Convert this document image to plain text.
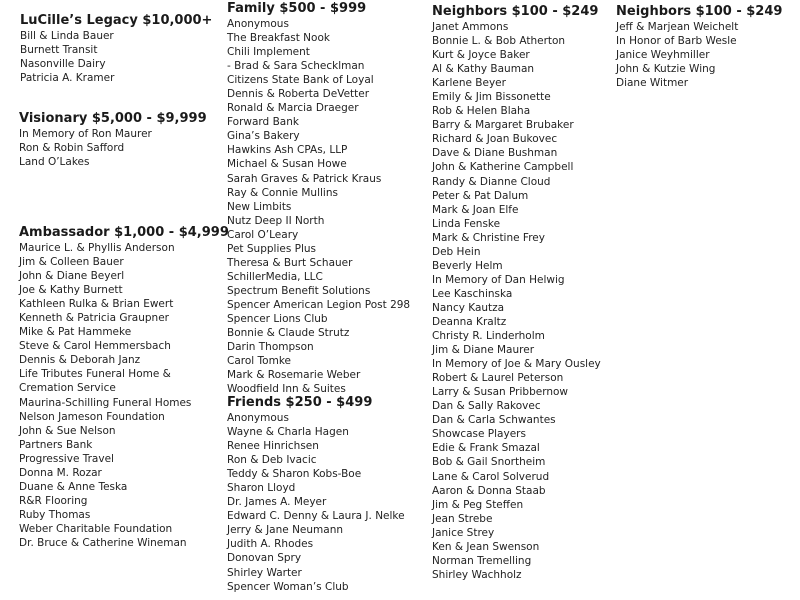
LuCille’s Legacy $10,000+
Bill & Linda Bauer
Burnett Transit
Nasonville Dairy
Patricia A. Kramer
Visionary $5,000 - $9,999
In Memory of Ron Maurer
Ron & Robin Safford
Land O’Lakes
Ambassador $1,000 - $4,999
Maurice L. & Phyllis Anderson
Jim & Colleen Bauer
John & Diane Beyerl
Joe & Kathy Burnett
Kathleen Rulka & Brian Ewert
Kenneth & Patricia Graupner
Mike & Pat Hammeke
Steve & Carol Hemmersbach
Dennis & Deborah Janz
Life Tributes Funeral Home &
Cremation Service
Maurina-Schilling Funeral Homes
Nelson Jameson Foundation
John & Sue Nelson
Partners Bank
Progressive Travel
Donna M. Rozar
Duane & Anne Teska
R&R Flooring
Ruby Thomas
Weber Charitable Foundation
Dr. Bruce & Catherine Wineman
Family $500 - $999
Anonymous
The Breakfast Nook
Chili Implement
- Brad & Sara Schecklman
Citizens State Bank of Loyal
Dennis & Roberta DeVetter
Ronald & Marcia Draeger
Forward Bank
Gina’s Bakery
Hawkins Ash CPAs, LLP
Michael & Susan Howe
Sarah Graves & Patrick Kraus
Ray & Connie Mullins
New Limbits
Nutz Deep II North
Carol O’Leary
Pet Supplies Plus
Theresa & Burt Schauer
SchillerMedia, LLC
Spectrum Benefit Solutions
Spencer American Legion Post 298
Spencer Lions Club
Bonnie & Claude Strutz
Darin Thompson
Carol Tomke
Mark & Rosemarie Weber
Woodfield Inn & Suites
Friends $250 - $499
Anonymous
Wayne & Charla Hagen
Renee Hinrichsen
Ron & Deb Ivacic
Teddy & Sharon Kobs-Boe
Sharon Lloyd
Dr. James A. Meyer
Edward C. Denny & Laura J. Nelke
Jerry & Jane Neumann
Judith A. Rhodes
Donovan Spry
Shirley Warter
Spencer Woman’s Club
Neighbors $100 - $249
Janet Ammons
Bonnie L. & Bob Atherton
Kurt & Joyce Baker
Al & Kathy Bauman
Karlene Beyer
Emily & Jim Bissonette
Rob & Helen Blaha
Barry & Margaret Brubaker
Richard & Joan Bukovec
Dave & Diane Bushman
John & Katherine Campbell
Randy & Dianne Cloud
Peter & Pat Dalum
Mark & Joan Elfe
Linda Fenske
Mark & Christine Frey
Deb Hein
Beverly Helm
In Memory of Dan Helwig
Lee Kaschinska
Nancy Kautza
Deanna Kraltz
Christy R. Linderholm
Jim & Diane Maurer
In Memory of Joe & Mary Ousley
Robert & Laurel Peterson
Larry & Susan Pribbernow
Dan & Sally Rakovec
Dan & Carla Schwantes
Showcase Players
Edie & Frank Smazal
Bob & Gail Snortheim
Lane & Carol Solverud
Aaron & Donna Staab
Jim & Peg Steffen
Jean Strebe
Janice Strey
Ken & Jean Swenson
Norman Tremelling
Shirley Wachholz
Neighbors $100 - $249
Jeff & Marjean Weichelt
In Honor of Barb Wesle
Janice Weyhmiller
John & Kutzie Wing
Diane Witmer
